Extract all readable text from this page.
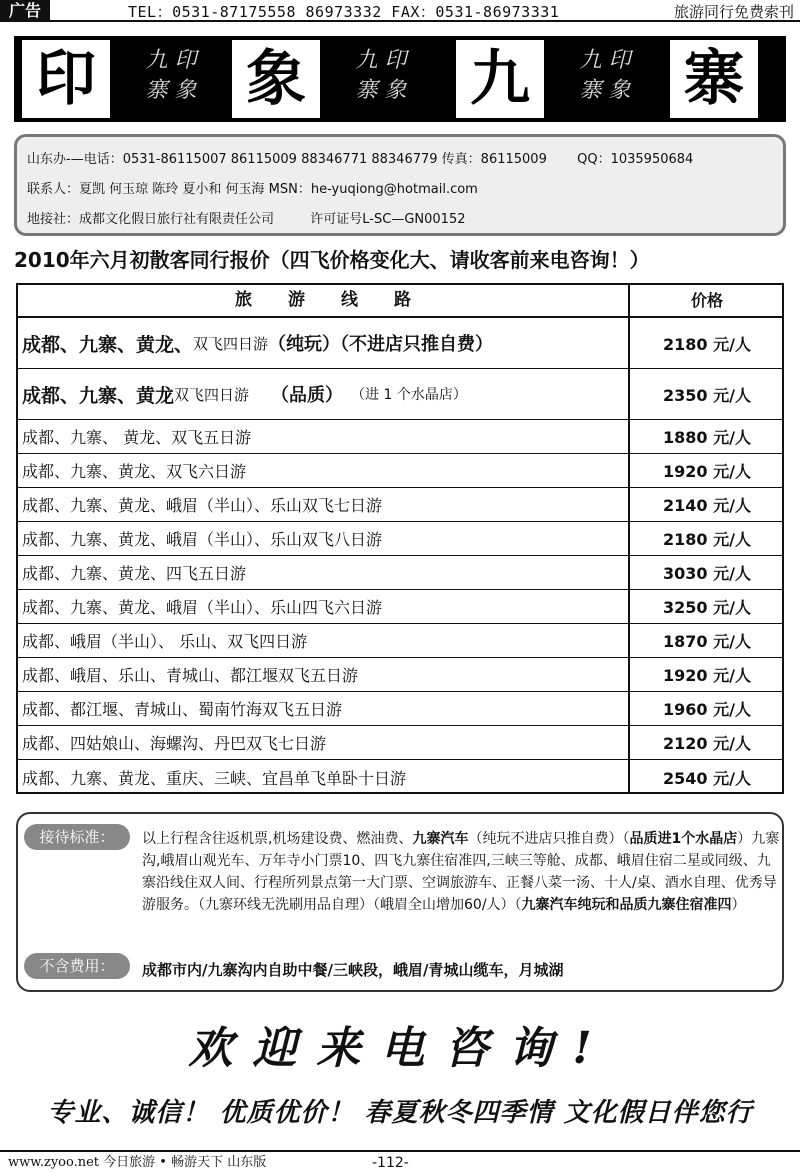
广告	TEL：0531-87175558 86973332 FAX：0531-86973331	旅游同行免费索刊
印	九 印
寨 象 象	九 印
寨 象	九	九 印
寨 象 寨
山东办-—电话：0531-86115007 86115009 88346771 88346779 传真：86115009 QQ：1035950684
联系人：夏凯 何玉琼 陈玲 夏小和 何玉海 MSN：he-yuqiong@hotmail.com
地接社：成都文化假日旅行社有限责任公司	许可证号L-SC—GN00152
2010年六月初散客同行报价（四飞价格变化大、请收客前来电咨询！）
旅游线路	价格
成都、九寨、黄龙、 双飞四日游 （纯玩）（不进店只推自费）	2180 元/人
成都、九寨、黄龙 双飞四日游 （品质） （进 1 个水晶店）	2350 元/人
成都、九寨、 黄龙、双飞五日游	1880 元/人
成都、九寨、黄龙、双飞六日游	1920 元/人
成都、九寨、黄龙、峨眉（半山）、乐山双飞七日游	2140 元/人
成都、九寨、黄龙、峨眉（半山）、乐山双飞八日游	2180 元/人
成都、九寨、黄龙、四飞五日游	3030 元/人
成都、九寨、黄龙、峨眉（半山）、乐山四飞六日游	3250 元/人
成都、峨眉（半山）、 乐山、双飞四日游	1870 元/人
成都、峨眉、乐山、青城山、都江堰双飞五日游	1920 元/人
成都、都江堰、青城山、蜀南竹海双飞五日游	1960 元/人
成都、四姑娘山、海螺沟、丹巴双飞七日游	2120 元/人
成都、九寨、黄龙、重庆、三峡、宜昌单飞单卧十日游	2540 元/人
接待标准：	以上行程含往返机票,机场建设费、燃油费、九寨汽车（纯玩不进店只推自费）（品质进1个水晶店）九寨沟,峨眉山观光车、万年寺小门票10、四飞九寨住宿准四,三峡三等舱、成都、峨眉住宿二星或同级、九寨沿线住双人间、行程所列景点第一大门票、空调旅游车、正餐八菜一汤、十人/桌、酒水自理、优秀导游服务。（九寨环线无洗刷用品自理）（峨眉全山增加60/人）（九寨汽车纯玩和品质九寨住宿准四）
不含费用：	成都市内/九寨沟内自助中餐/三峡段，峨眉/青城山缆车，月城湖
欢迎来电咨询!
专业、诚信！ 优质优价！ 春夏秋冬四季情 文化假日伴您行
www.zyoo.net 今日旅游 • 畅游天下 山东版	-112-
